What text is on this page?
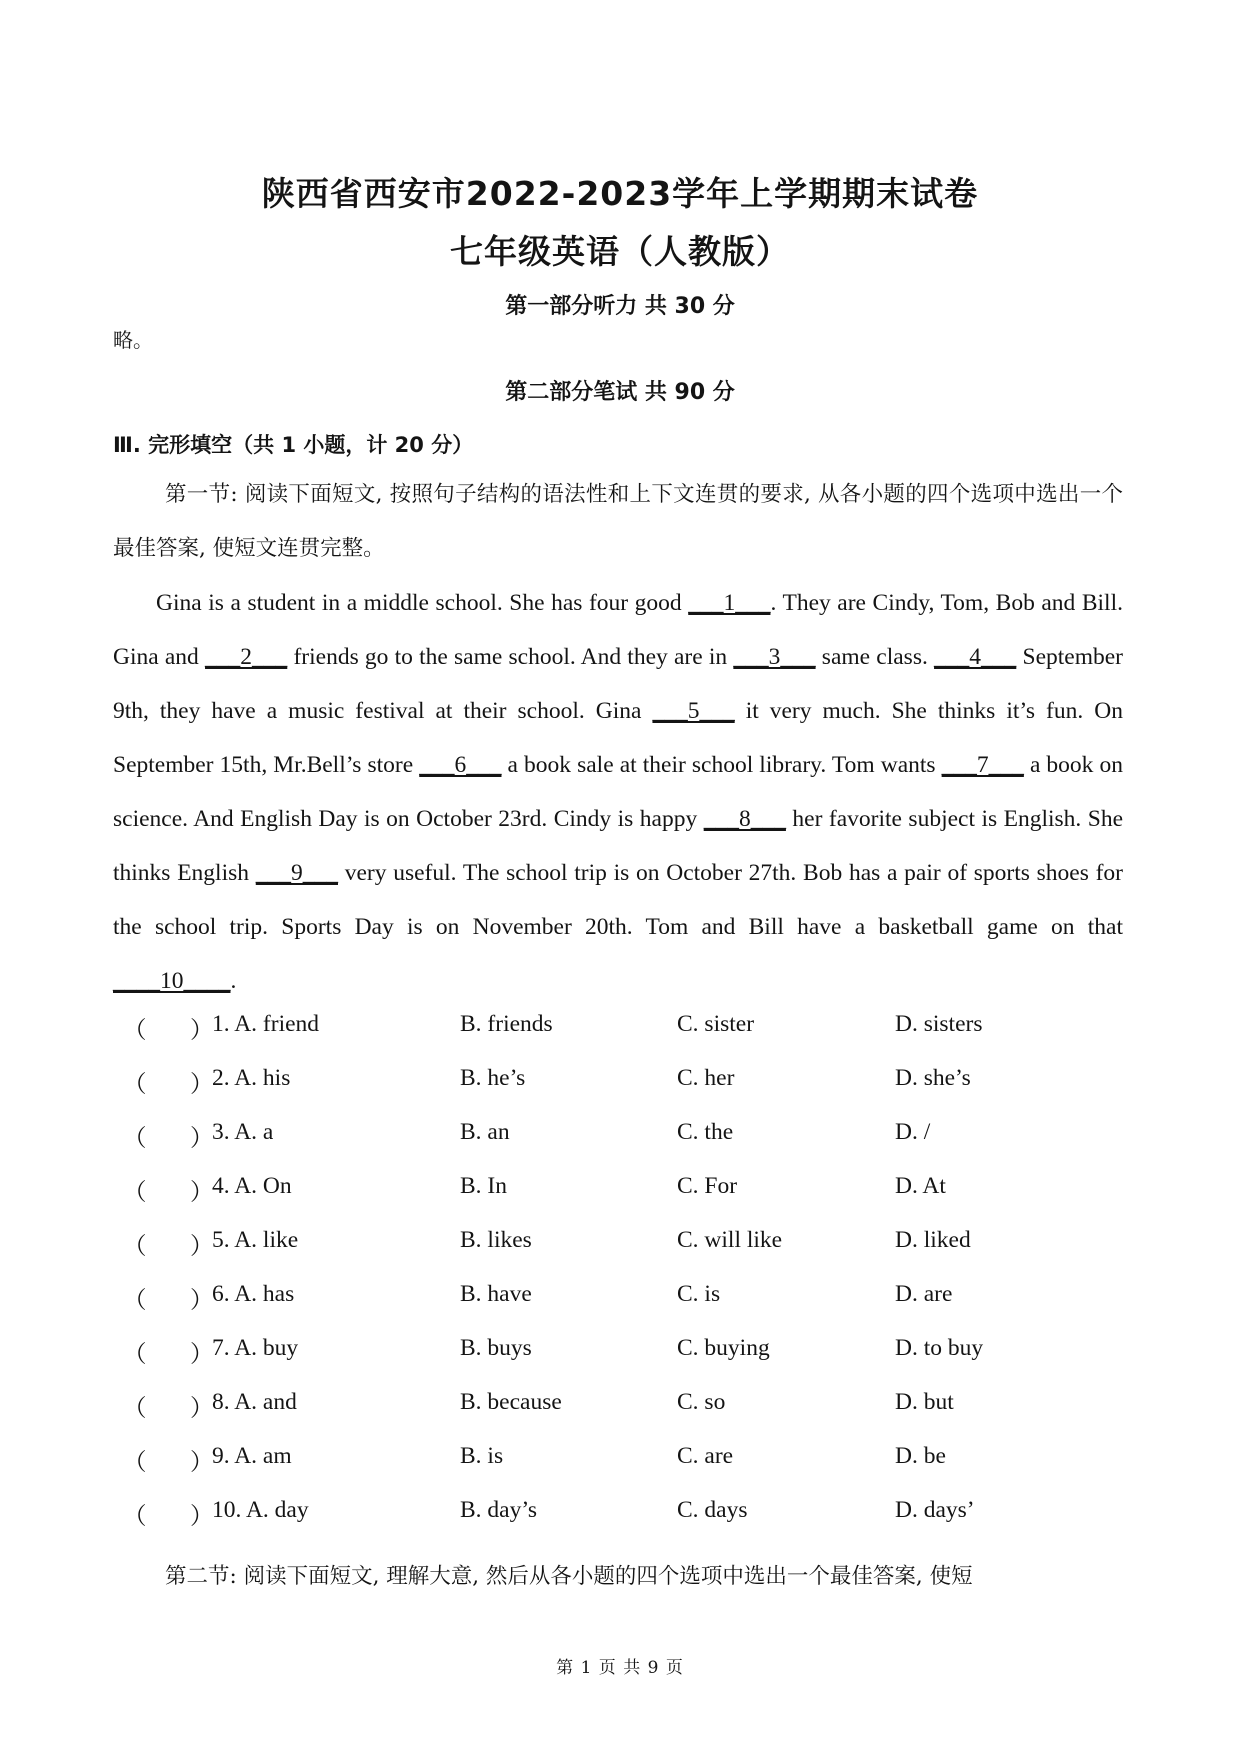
陕西省西安市2022-2023学年上学期期末试卷
七年级英语（人教版）
第一部分听力 共 30 分
略。
第二部分笔试 共 90 分
Ⅲ. 完形填空（共 1 小题，计 20 分）
第一节: 阅读下面短文, 按照句子结构的语法性和上下文连贯的要求, 从各小题的四个选项中选出一个最佳答案, 使短文连贯完整。
Gina is a student in a middle school. She has four good ___1___. They are Cindy, Tom, Bob and Bill. Gina and ___2___ friends go to the same school. And they are in ___3___ same class. ___4___ September 9th, they have a music festival at their school. Gina ___5___ it very much. She thinks it’s fun. On September 15th, Mr.Bell’s store ___6___ a book sale at their school library. Tom wants ___7___ a book on science. And English Day is on October 23rd. Cindy is happy ___8___ her favorite subject is English. She thinks English ___9___ very useful. The school trip is on October 27th. Bob has a pair of sports shoes for the school trip. Sports Day is on November 20th. Tom and Bill have a basketball game on that ____10____.
（ ）
1. A. friend	B. friends	C. sister	D. sisters
（ ）
2. A. his	B. he’s	C. her	D. she’s
（ ）
3. A. a	B. an	C. the	D. /
（ ）
4. A. On	B. In	C. For	D. At
（ ）
5. A. like	B. likes	C. will like	D. liked
（ ）
6. A. has	B. have	C. is	D. are
（ ）
7. A. buy	B. buys	C. buying	D. to buy
（ ）
8. A. and	B. because	C. so	D. but
（ ）
9. A. am	B. is	C. are	D. be
（ ）
10. A. day	B. day’s	C. days	D. days’
第二节: 阅读下面短文, 理解大意, 然后从各小题的四个选项中选出一个最佳答案, 使短
第 1 页 共 9 页
